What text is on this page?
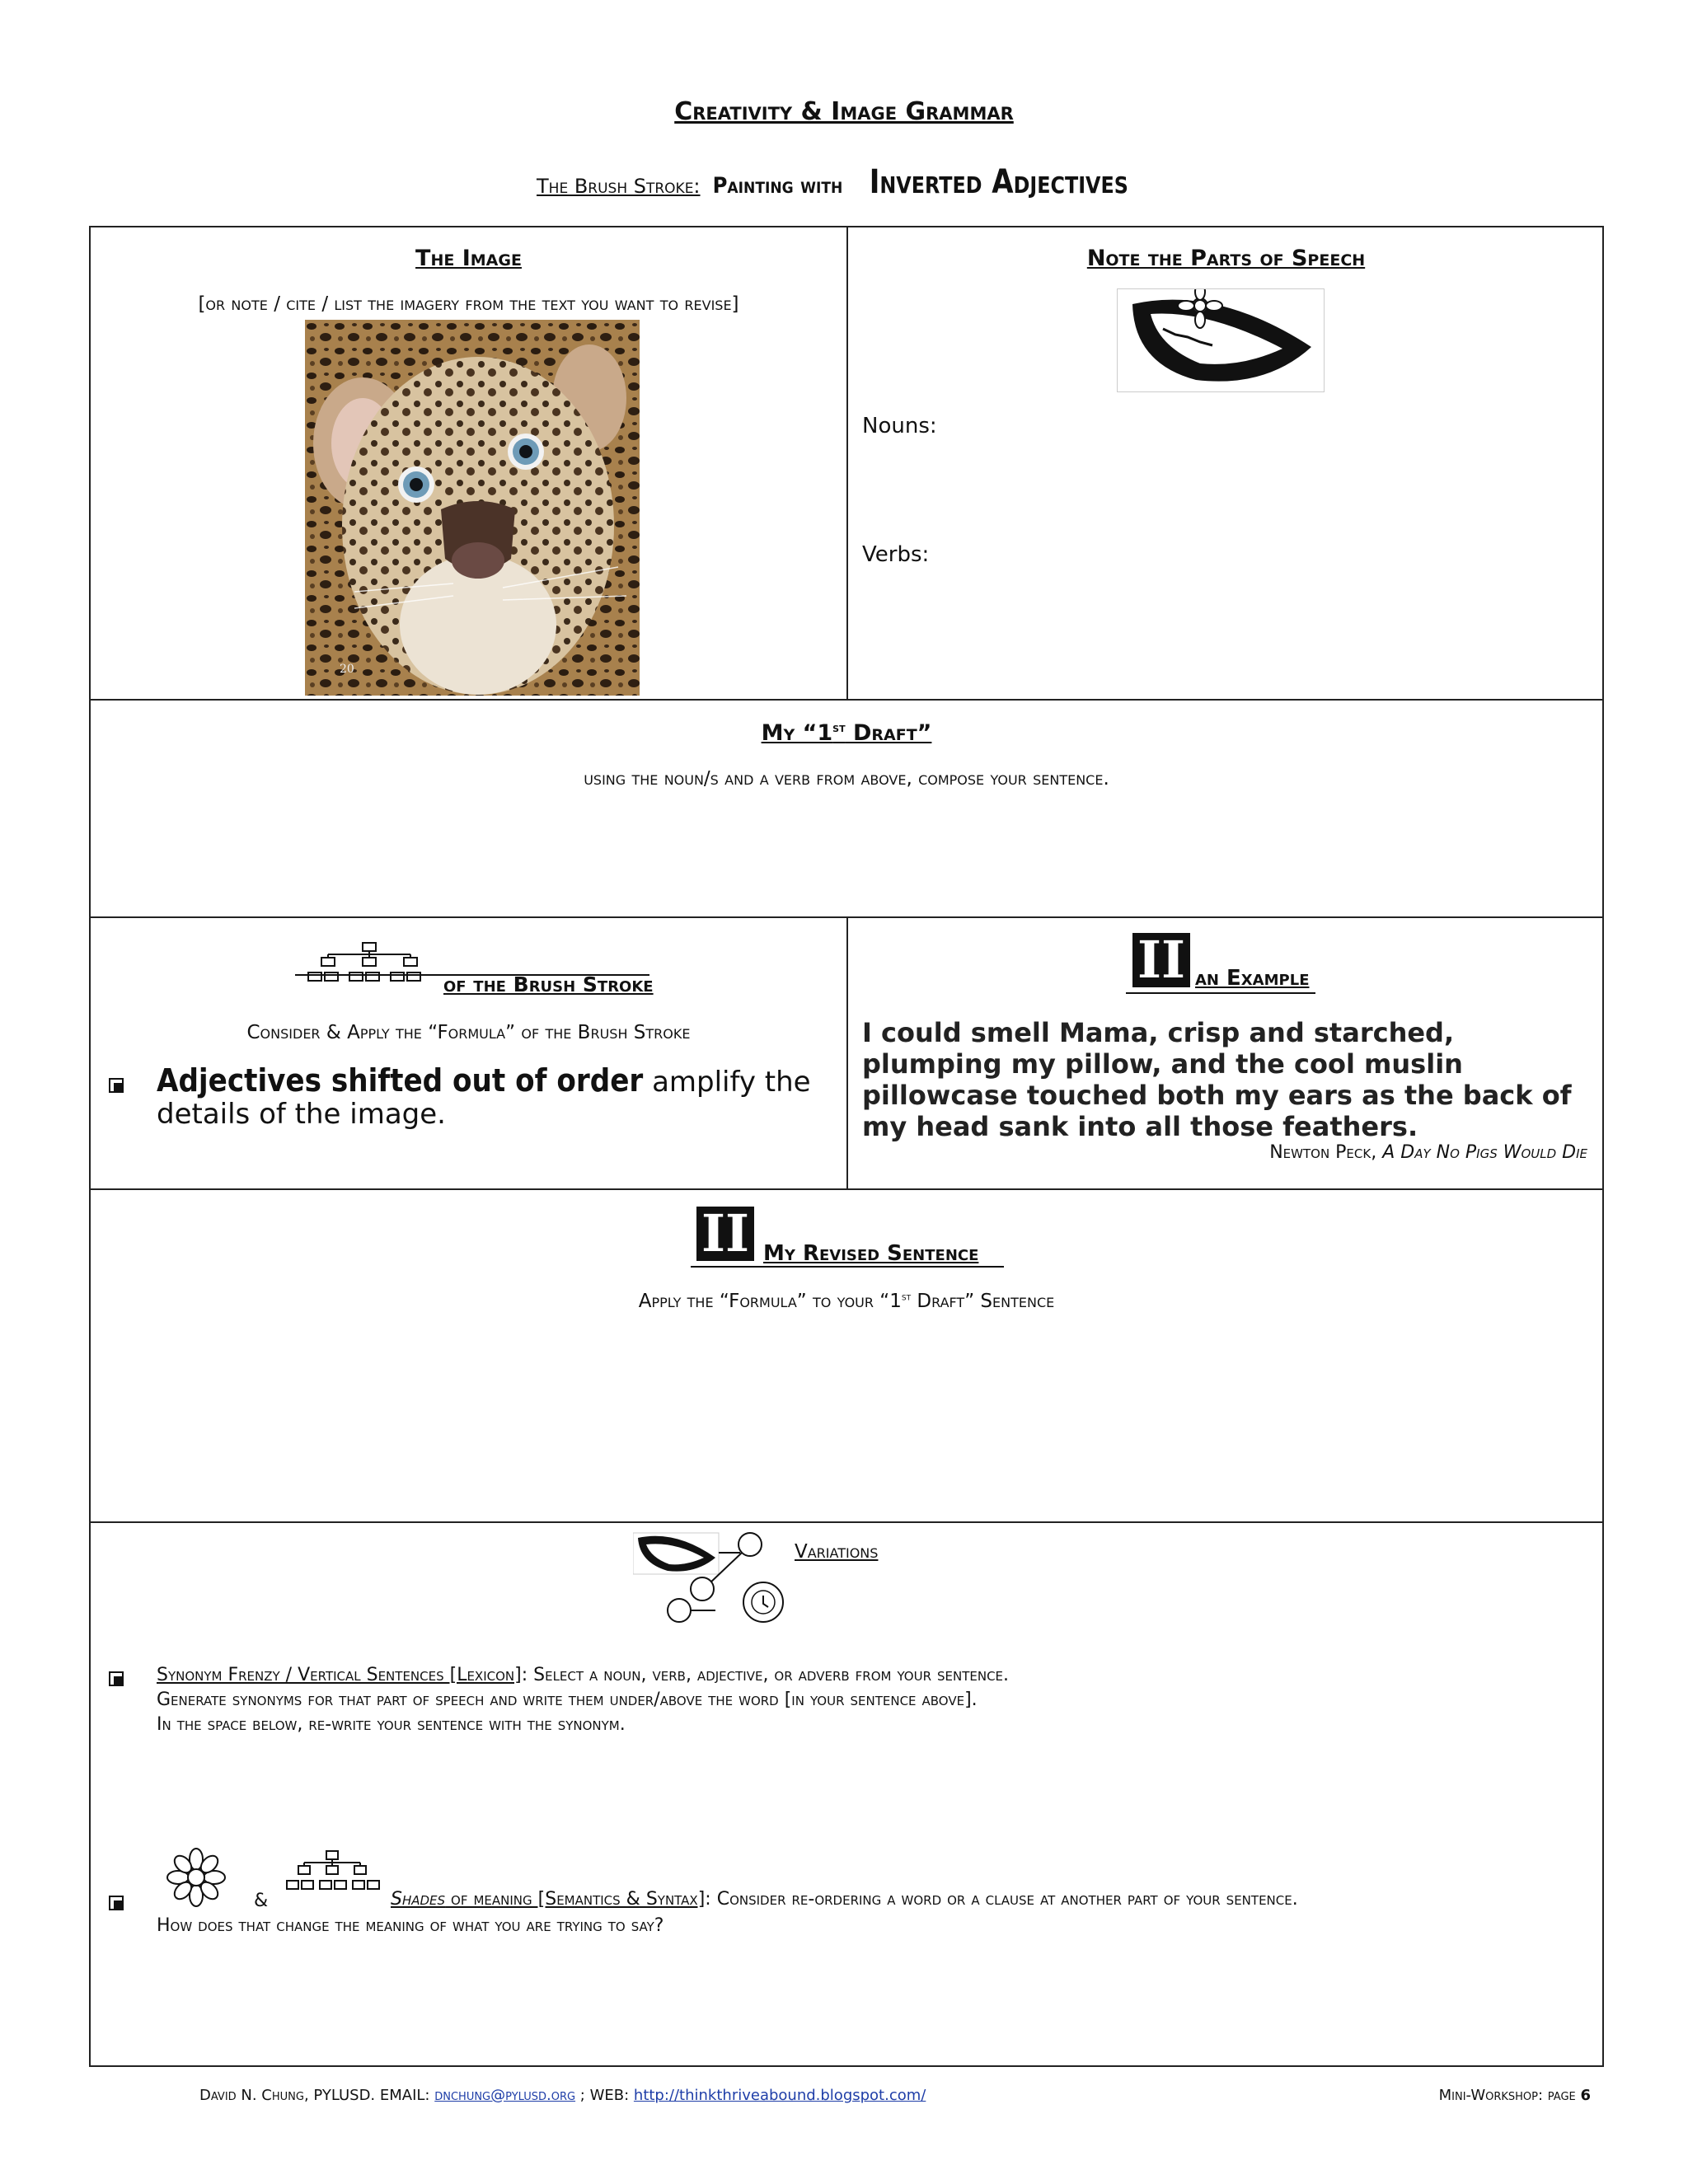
Creativity & Image Grammar
The Brush Stroke: Painting with Inverted Adjectives
The Image
[or note / cite / list the imagery from the text you want to revise]
20
Note the Parts of Speech
Nouns:
Verbs:
My “1st Draft”
using the noun/s and a verb from above, compose your sentence.
of the Brush Stroke
Consider & Apply the “Formula” of the Brush Stroke
Adjectives shifted out of order amplify the details of the image.
II an Example
I could smell Mama, crisp and starched, plumping my pillow, and the cool muslin pillowcase touched both my ears as the back of my head sank into all those feathers.
Newton Peck, A Day No Pigs Would Die
II My Revised Sentence
Apply the “Formula” to your “1st Draft” Sentence
Variations
Synonym Frenzy / Vertical Sentences [Lexicon]: Select a noun, verb, adjective, or adverb from your sentence.
Generate synonyms for that part of speech and write them under/above the word [in your sentence above].
In the space below, re-write your sentence with the synonym.
&	Shades of meaning [Semantics & Syntax]: Consider re-ordering a word or a clause at another part of your sentence.
How does that change the meaning of what you are trying to say?
David N. Chung, PYLUSD. EMAIL: dnchung@pylusd.org ; WEB: http://thinkthriveabound.blogspot.com/	Mini-Workshop: page 6
